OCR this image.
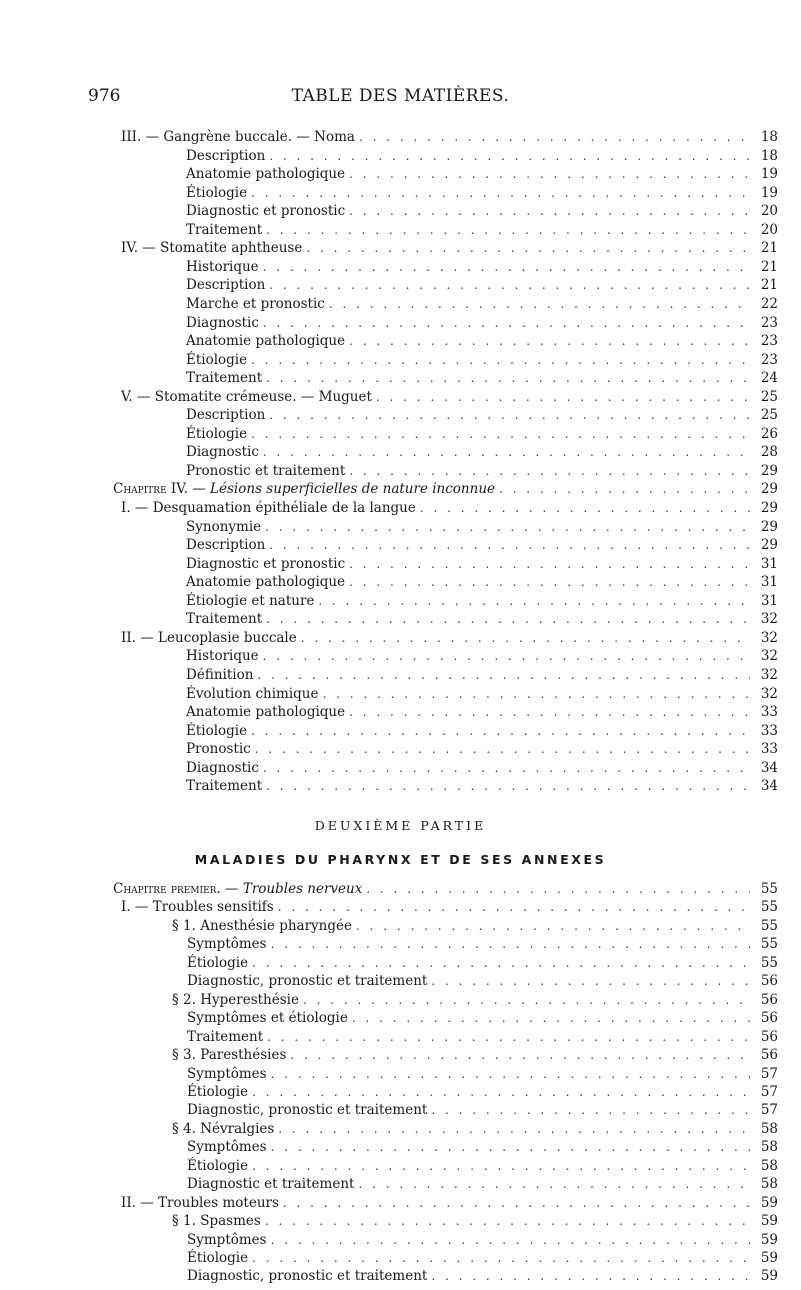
976	TABLE DES MATIÈRES.
III. — Gangrène buccale. — Noma . . .	18
Description . . .	18
Anatomie pathologique . . .	19
Étiologie . . .	19
Diagnostic et pronostic . . .	20
Traitement . . .	20
IV. — Stomatite aphtheuse . . .	21
Historique . . .	21
Description . . .	21
Marche et pronostic . . .	22
Diagnostic . . .	23
Anatomie pathologique . . .	23
Étiologie . . .	23
Traitement . . .	24
V. — Stomatite crémeuse. — Muguet . . .	25
Description . . .	25
Étiologie . . .	26
Diagnostic . . .	28
Pronostic et traitement . . .	29
Chapitre IV. — Lésions superficielles de nature inconnue . . .	29
I. — Desquamation épithéliale de la langue . . .	29
Synonymie . . .	29
Description . . .	29
Diagnostic et pronostic . . .	31
Anatomie pathologique . . .	31
Étiologie et nature . . .	31
Traitement . . .	32
II. — Leucoplasie buccale . . .	32
Historique . . .	32
Définition . . .	32
Évolution chimique . . .	32
Anatomie pathologique . . .	33
Étiologie . . .	33
Pronostic . . .	33
Diagnostic . . .	34
Traitement . . .	34
Chapitre premier. — Troubles nerveux . . .	55
I. — Troubles sensitifs . . .	55
§ 1. Anesthésie pharyngée . . .	55
Symptômes . . .	55
Étiologie . . .	55
Diagnostic, pronostic et traitement . . .	56
§ 2. Hyperesthésie . . .	56
Symptômes et étiologie . . .	56
Traitement . . .	56
§ 3. Paresthésies . . .	56
Symptômes . . .	57
Étiologie . . .	57
Diagnostic, pronostic et traitement . . .	57
§ 4. Névralgies . . .	58
Symptômes . . .	58
Étiologie . . .	58
Diagnostic et traitement . . .	58
II. — Troubles moteurs . . .	59
§ 1. Spasmes . . .	59
Symptômes . . .	59
Étiologie . . .	59
Diagnostic, pronostic et traitement . . .	59
DEUXIÈME PARTIE
MALADIES DU PHARYNX ET DE SES ANNEXES
